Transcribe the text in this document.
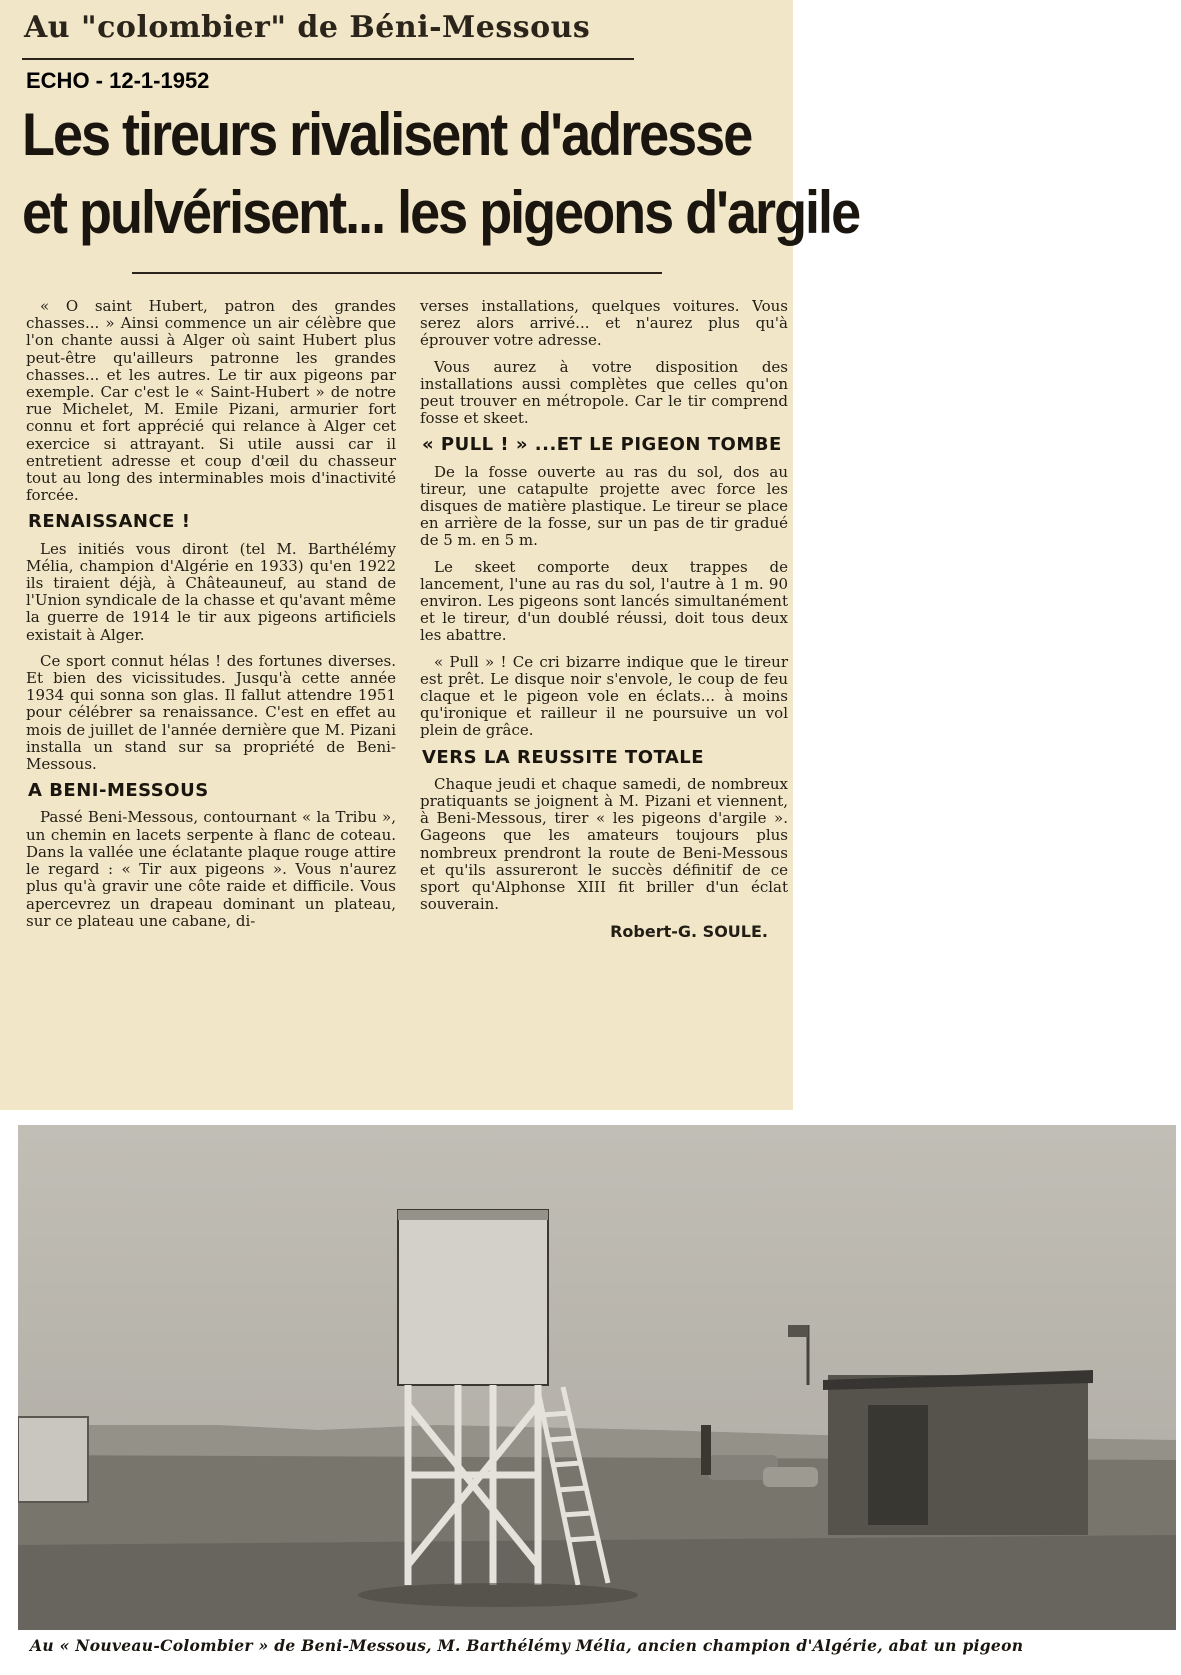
Au "colombier" de Béni-Messous
ECHO - 12-1-1952
Les tireurs rivalisent d'adresse
et pulvérisent... les pigeons d'argile

« O saint Hubert, patron des grandes chasses... » Ainsi commence un air célèbre que l'on chante aussi à Alger où saint Hubert plus peut-être qu'ailleurs patronne les grandes chasses... et les autres. Le tir aux pigeons par exemple. Car c'est le « Saint-Hubert » de notre rue Michelet, M. Emile Pizani, armurier fort connu et fort apprécié qui relance à Alger cet exercice si attrayant. Si utile aussi car il entretient adresse et coup d'œil du chasseur tout au long des interminables mois d'inactivité forcée.

RENAISSANCE !

Les initiés vous diront (tel M. Barthélémy Mélia, champion d'Algérie en 1933) qu'en 1922 ils tiraient déjà, à Châteauneuf, au stand de l'Union syndicale de la chasse et qu'avant même la guerre de 1914 le tir aux pigeons artificiels existait à Alger.

Ce sport connut hélas ! des fortunes diverses. Et bien des vicissitudes. Jusqu'à cette année 1934 qui sonna son glas. Il fallut attendre 1951 pour célébrer sa renaissance. C'est en effet au mois de juillet de l'année dernière que M. Pizani installa un stand sur sa propriété de Beni-Messous.

A BENI-MESSOUS

Passé Beni-Messous, contournant « la Tribu », un chemin en lacets serpente à flanc de coteau. Dans la vallée une éclatante plaque rouge attire le regard : « Tir aux pigeons ». Vous n'aurez plus qu'à gravir une côte raide et difficile. Vous apercevrez un drapeau dominant un plateau, sur ce plateau une cabane, di-

verses installations, quelques voitures. Vous serez alors arrivé... et n'aurez plus qu'à éprouver votre adresse.

Vous aurez à votre disposition des installations aussi complètes que celles qu'on peut trouver en métropole. Car le tir comprend fosse et skeet.

« PULL ! » ...ET LE PIGEON TOMBE

De la fosse ouverte au ras du sol, dos au tireur, une catapulte projette avec force les disques de matière plastique. Le tireur se place en arrière de la fosse, sur un pas de tir gradué de 5 m. en 5 m.

Le skeet comporte deux trappes de lancement, l'une au ras du sol, l'autre à 1 m. 90 environ. Les pigeons sont lancés simultanément et le tireur, d'un doublé réussi, doit tous deux les abattre.

« Pull » ! Ce cri bizarre indique que le tireur est prêt. Le disque noir s'envole, le coup de feu claque et le pigeon vole en éclats... à moins qu'ironique et railleur il ne poursuive un vol plein de grâce.

VERS LA REUSSITE TOTALE

Chaque jeudi et chaque samedi, de nombreux pratiquants se joignent à M. Pizani et viennent, à Beni-Messous, tirer « les pigeons d'argile ». Gageons que les amateurs toujours plus nombreux prendront la route de Beni-Messous et qu'ils assureront le succès définitif de ce sport qu'Alphonse XIII fit briller d'un éclat souverain.

Robert-G. SOULE.
Au « Nouveau-Colombier » de Beni-Messous, M. Barthélémy Mélia, ancien champion d'Algérie, abat un pigeon
